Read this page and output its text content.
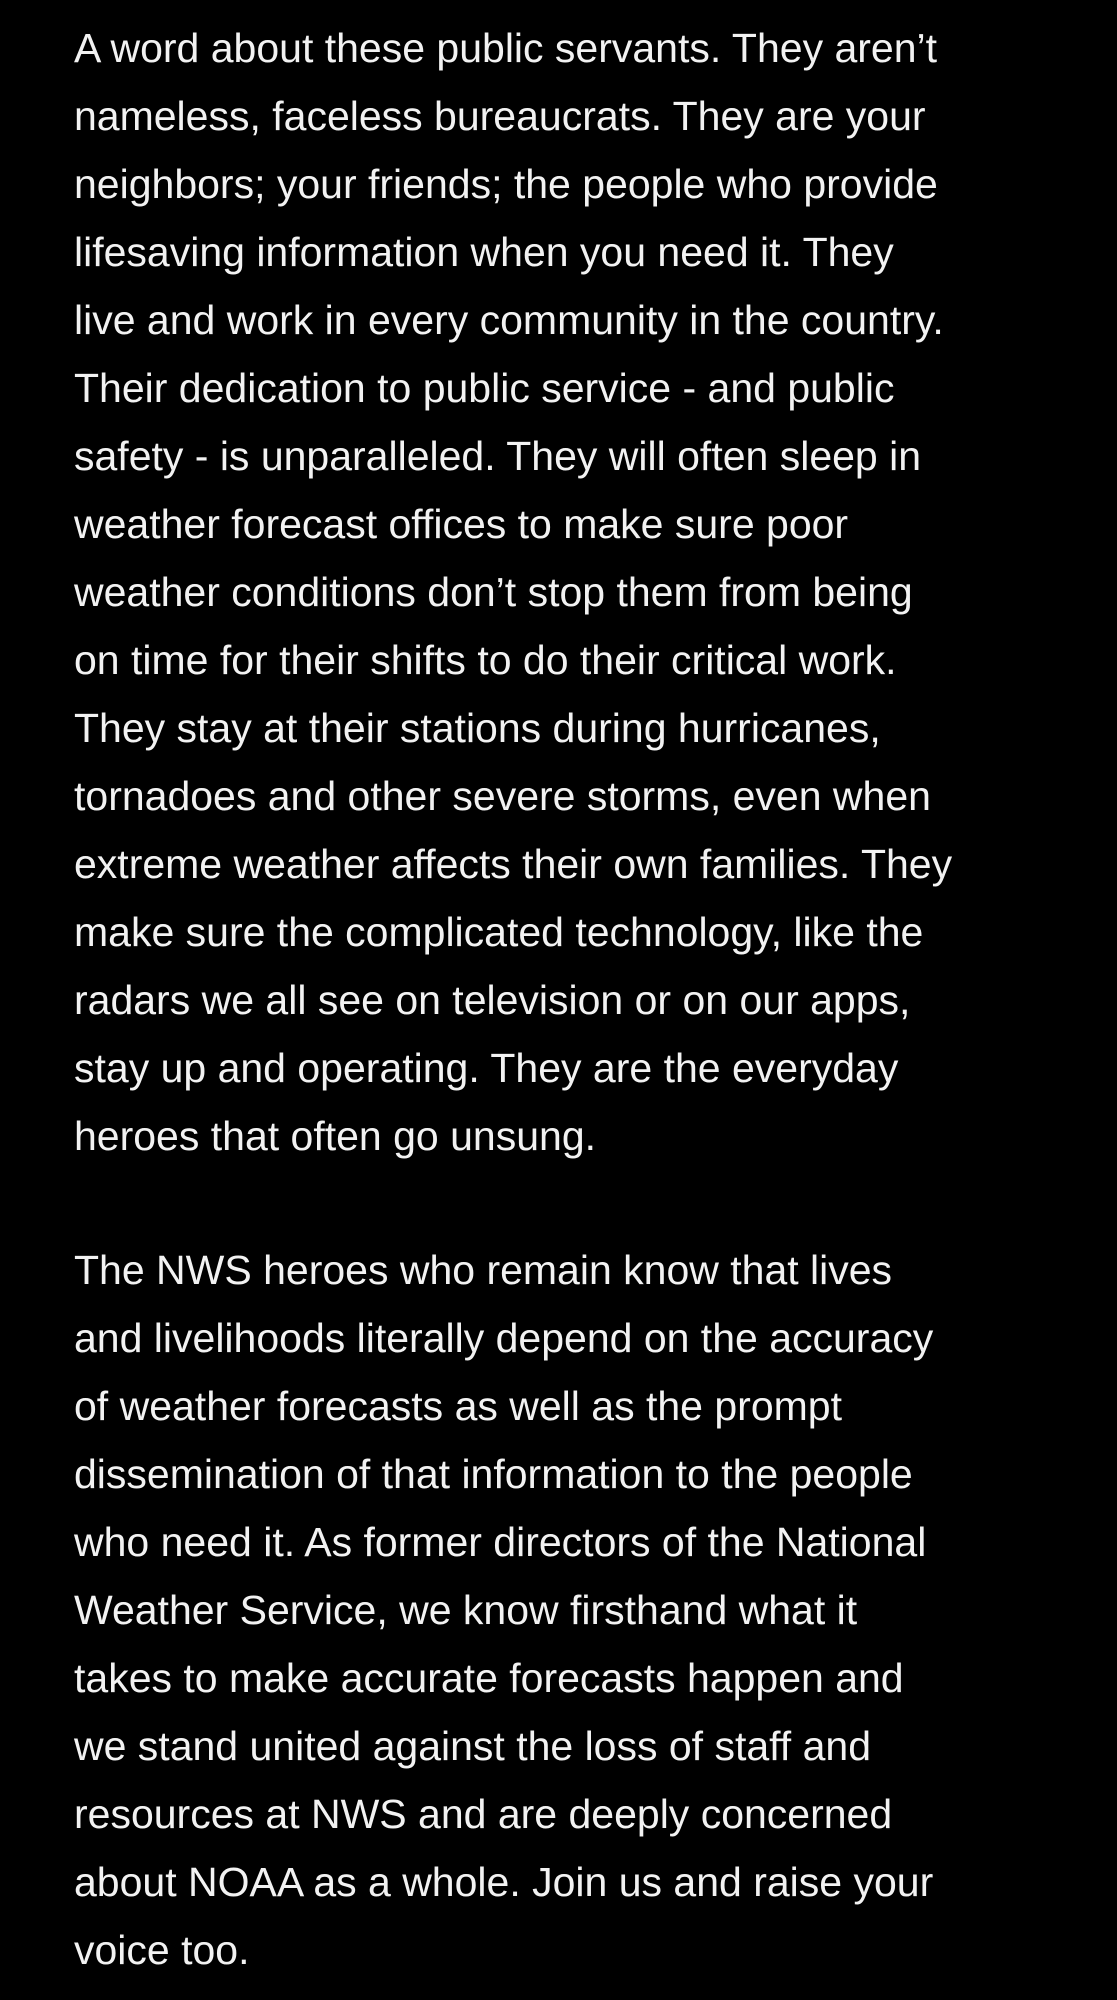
A word about these public servants. They aren’t
nameless, faceless bureaucrats. They are your
neighbors; your friends; the people who provide
lifesaving information when you need it. They
live and work in every community in the country.
Their dedication to public service - and public
safety - is unparalleled. They will often sleep in
weather forecast offices to make sure poor
weather conditions don’t stop them from being
on time for their shifts to do their critical work.
They stay at their stations during hurricanes,
tornadoes and other severe storms, even when
extreme weather affects their own families. They
make sure the complicated technology, like the
radars we all see on television or on our apps,
stay up and operating. They are the everyday
heroes that often go unsung.
The NWS heroes who remain know that lives
and livelihoods literally depend on the accuracy
of weather forecasts as well as the prompt
dissemination of that information to the people
who need it. As former directors of the National
Weather Service, we know firsthand what it
takes to make accurate forecasts happen and
we stand united against the loss of staff and
resources at NWS and are deeply concerned
about NOAA as a whole. Join us and raise your
voice too.
